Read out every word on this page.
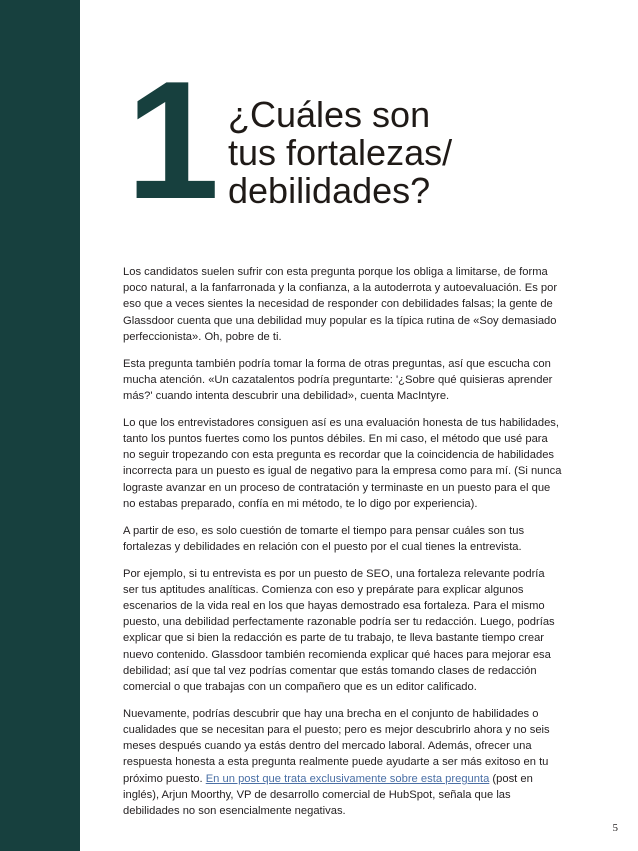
1 ¿Cuáles son
tus fortalezas/
debilidades?

Los candidatos suelen sufrir con esta pregunta porque los obliga a limitarse, de forma poco natural, a la fanfarronada y la confianza, a la autoderrota y autoevaluación. Es por eso que a veces sientes la necesidad de responder con debilidades falsas; la gente de Glassdoor cuenta que una debilidad muy popular es la típica rutina de «Soy demasiado perfeccionista». Oh, pobre de ti.

Esta pregunta también podría tomar la forma de otras preguntas, así que escucha con mucha atención. «Un cazatalentos podría preguntarte: '¿Sobre qué quisieras aprender más?' cuando intenta descubrir una debilidad», cuenta MacIntyre.

Lo que los entrevistadores consiguen así es una evaluación honesta de tus habilidades, tanto los puntos fuertes como los puntos débiles. En mi caso, el método que usé para no seguir tropezando con esta pregunta es recordar que la coincidencia de habilidades incorrecta para un puesto es igual de negativo para la empresa como para mí. (Si nunca lograste avanzar en un proceso de contratación y terminaste en un puesto para el que no estabas preparado, confía en mi método, te lo digo por experiencia).

A partir de eso, es solo cuestión de tomarte el tiempo para pensar cuáles son tus fortalezas y debilidades en relación con el puesto por el cual tienes la entrevista.

Por ejemplo, si tu entrevista es por un puesto de SEO, una fortaleza relevante podría ser tus aptitudes analíticas. Comienza con eso y prepárate para explicar algunos escenarios de la vida real en los que hayas demostrado esa fortaleza. Para el mismo puesto, una debilidad perfectamente razonable podría ser tu redacción. Luego, podrías explicar que si bien la redacción es parte de tu trabajo, te lleva bastante tiempo crear nuevo contenido. Glassdoor también recomienda explicar qué haces para mejorar esa debilidad; así que tal vez podrías comentar que estás tomando clases de redacción comercial o que trabajas con un compañero que es un editor calificado.

Nuevamente, podrías descubrir que hay una brecha en el conjunto de habilidades o cualidades que se necesitan para el puesto; pero es mejor descubrirlo ahora y no seis meses después cuando ya estás dentro del mercado laboral. Además, ofrecer una respuesta honesta a esta pregunta realmente puede ayudarte a ser más exitoso en tu próximo puesto. En un post que trata exclusivamente sobre esta pregunta (post en inglés), Arjun Moorthy, VP de desarrollo comercial de HubSpot, señala que las debilidades no son esencialmente negativas.

5
